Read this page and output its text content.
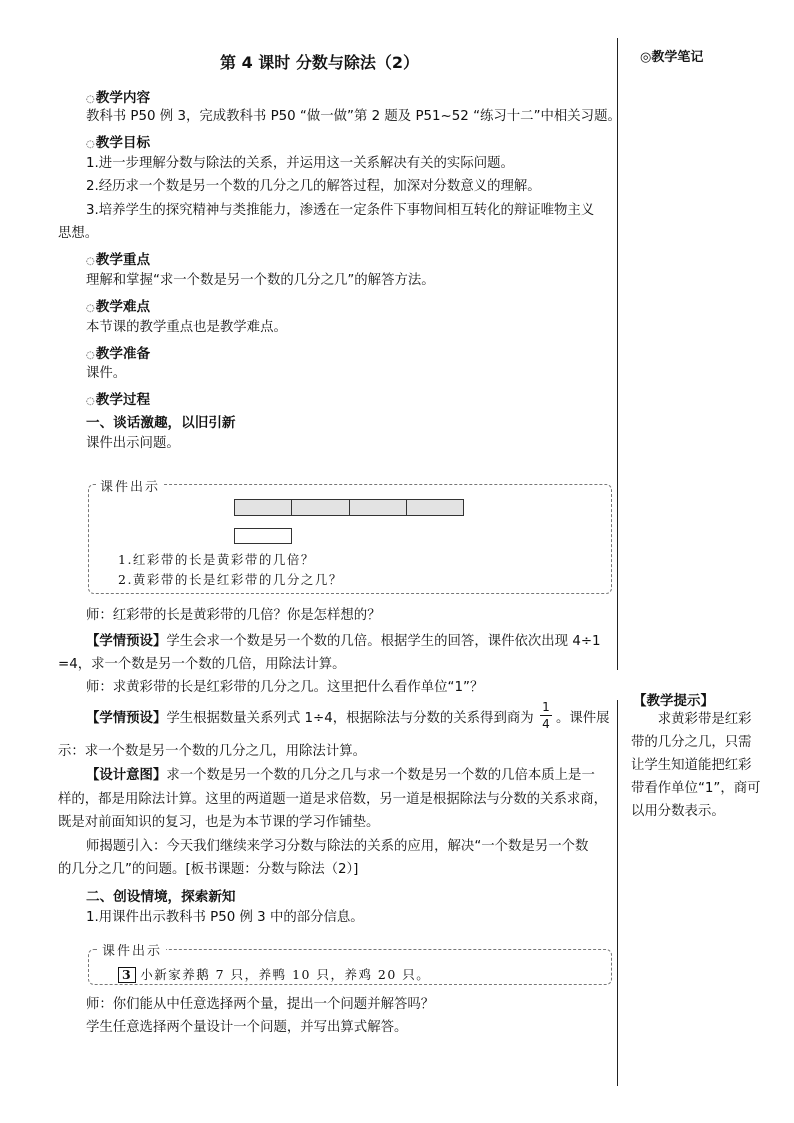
第 4 课时 分数与除法（2）	◎教学笔记
◌教学内容
教科书 P50 例 3，完成教科书 P50 “做一做”第 2 题及 P51~52 “练习十二”中相关习题。
◌教学目标
1.进一步理解分数与除法的关系，并运用这一关系解决有关的实际问题。
2.经历求一个数是另一个数的几分之几的解答过程，加深对分数意义的理解。
3.培养学生的探究精神与类推能力，渗透在一定条件下事物间相互转化的辩证唯物主义
思想。
◌教学重点
理解和掌握“求一个数是另一个数的几分之几”的解答方法。
◌教学难点
本节课的教学重点也是教学难点。
◌教学准备
课件。
◌教学过程
一、谈话激趣，以旧引新
课件出示问题。
课件出示
1.红彩带的长是黄彩带的几倍？
2.黄彩带的长是红彩带的几分之几？
师：红彩带的长是黄彩带的几倍？你是怎样想的？
【学情预设】学生会求一个数是另一个数的几倍。根据学生的回答，课件依次出现 4÷1
=4，求一个数是另一个数的几倍，用除法计算。
师：求黄彩带的长是红彩带的几分之几。这里把什么看作单位“1”？
【学情预设】学生根据数量关系列式 1÷4，根据除法与分数的关系得到商为
1
4 。课件展
示：求一个数是另一个数的几分之几，用除法计算。
【设计意图】求一个数是另一个数的几分之几与求一个数是另一个数的几倍本质上是一
样的，都是用除法计算。这里的两道题一道是求倍数，另一道是根据除法与分数的关系求商，
既是对前面知识的复习，也是为本节课的学习作铺垫。
师揭题引入：今天我们继续来学习分数与除法的关系的应用，解决“一个数是另一个数
的几分之几”的问题。[板书课题：分数与除法（2）]
二、创设情境，探索新知
1.用课件出示教科书 P50 例 3 中的部分信息。
课件出示
3 小新家养鹅 7 只，养鸭 10 只，养鸡 20 只。
师：你们能从中任意选择两个量，提出一个问题并解答吗？
学生任意选择两个量设计一个问题，并写出算式解答。
【教学提示】
　　求黄彩带是红彩带的几分之几，只需让学生知道能把红彩带看作单位“1”，商可以用分数表示。
